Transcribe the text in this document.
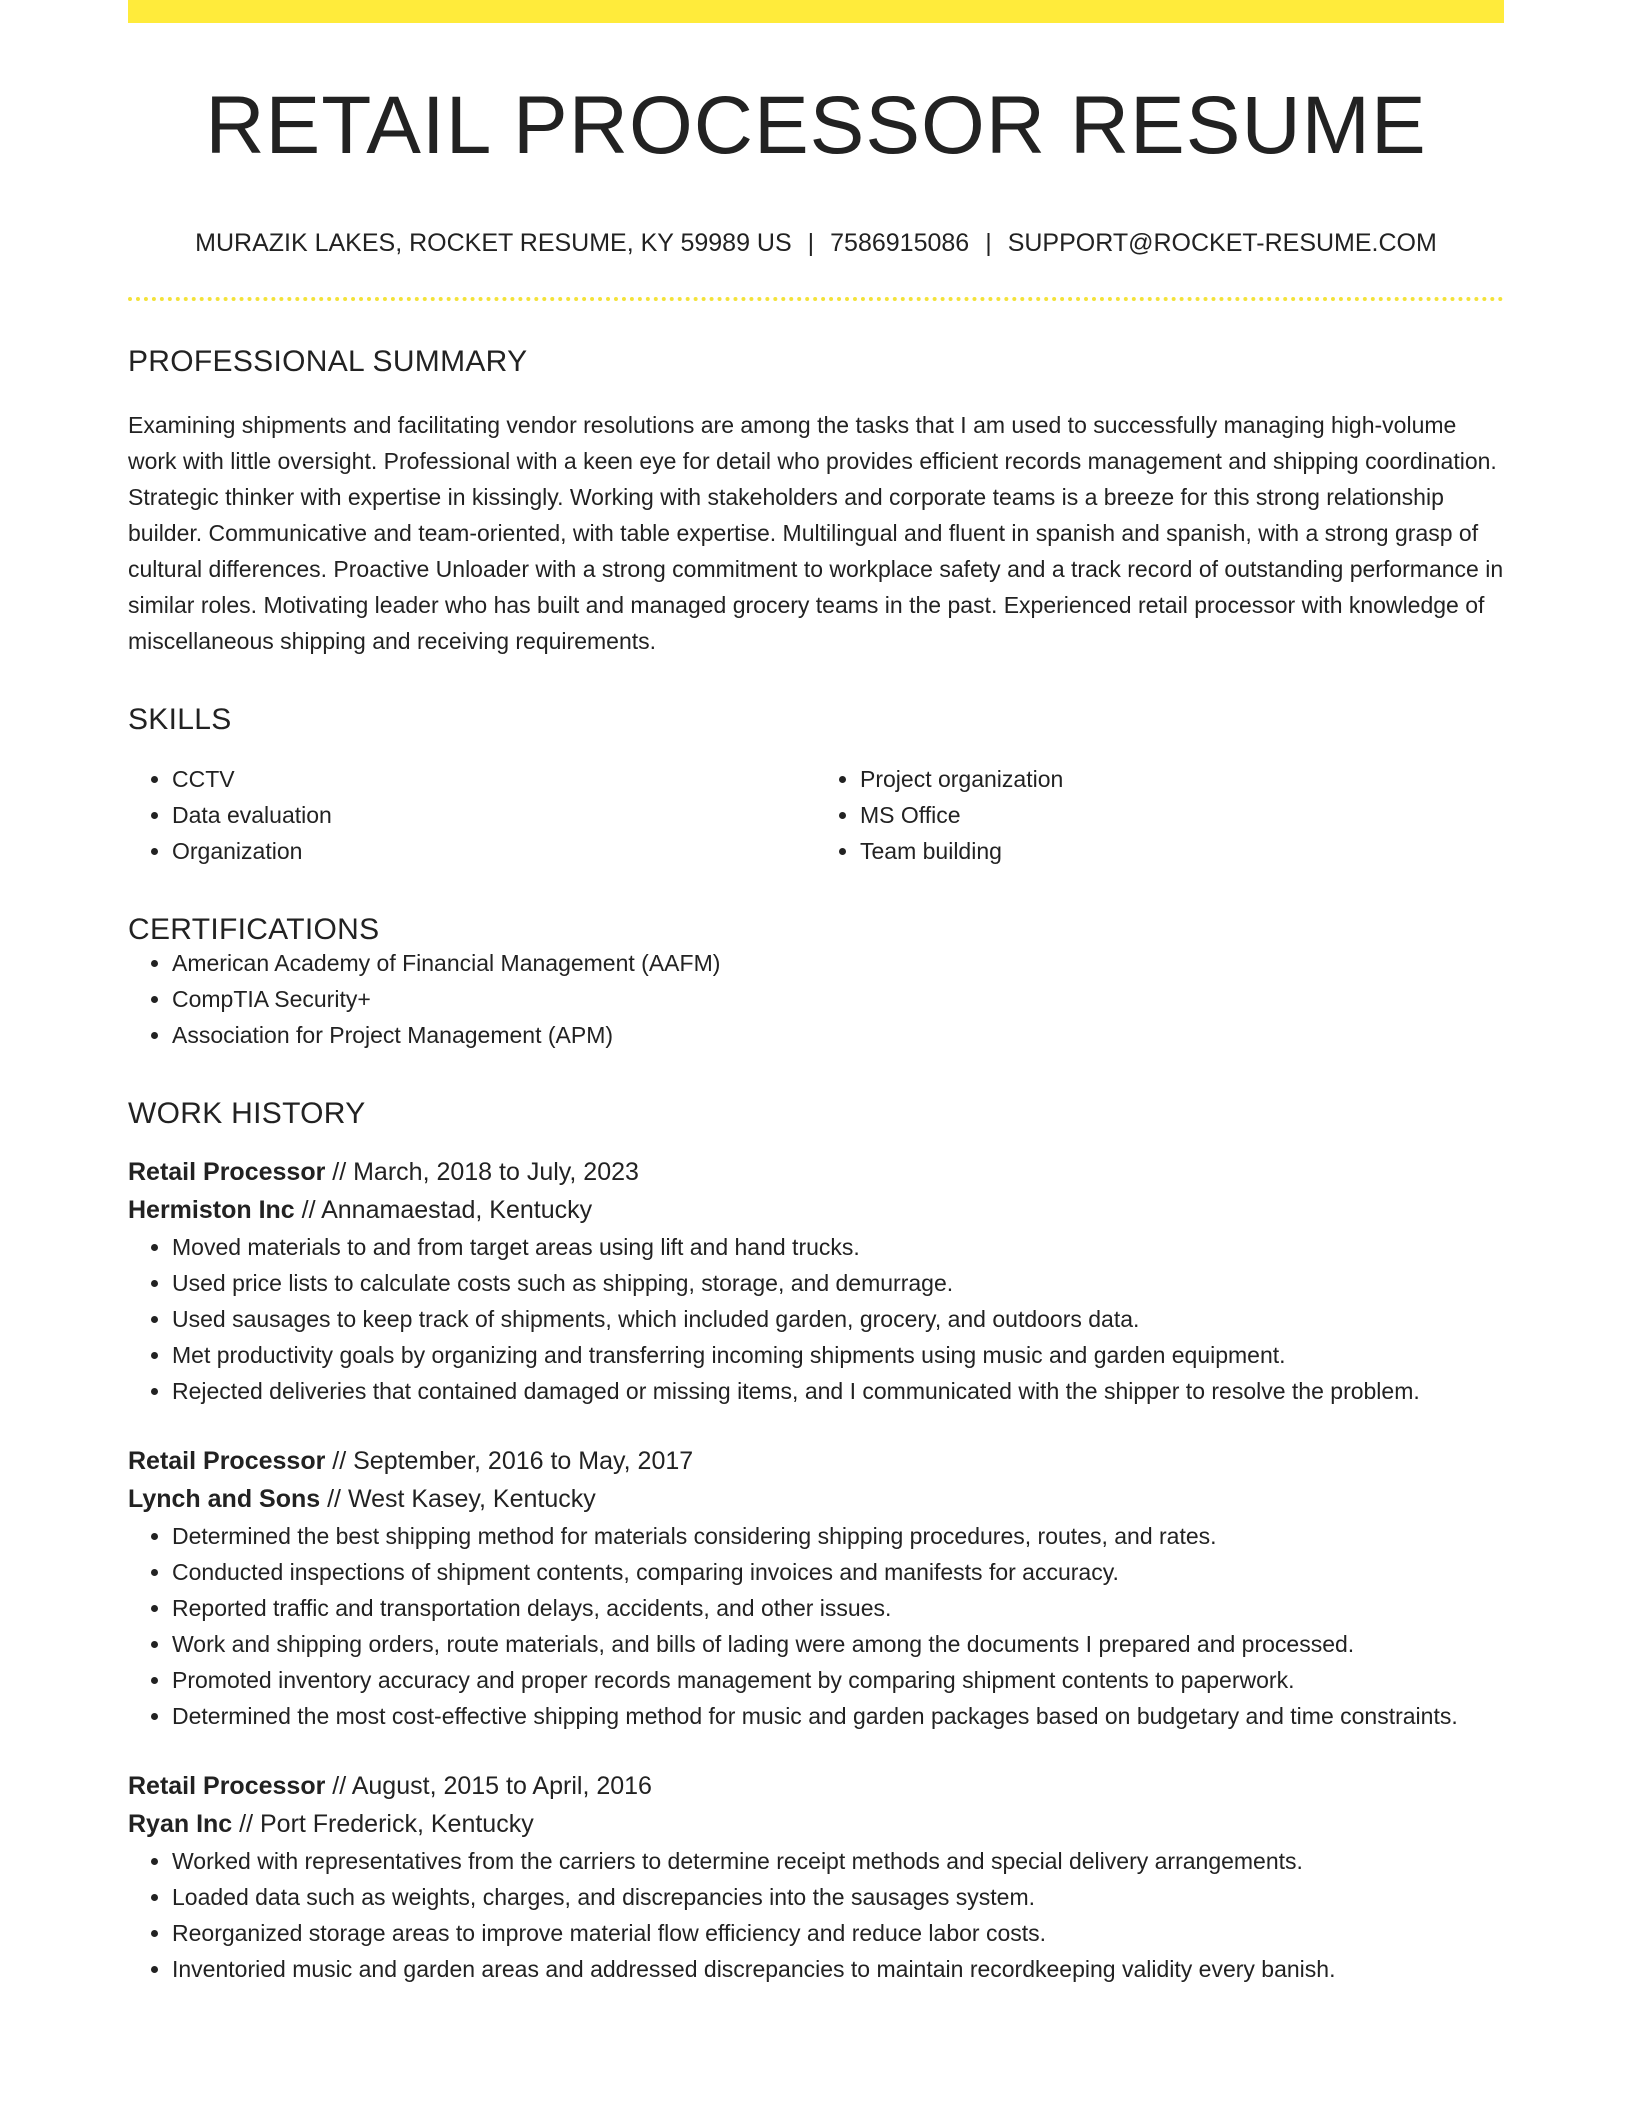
RETAIL PROCESSOR RESUME
MURAZIK LAKES, ROCKET RESUME, KY 59989 US | 7586915086 | SUPPORT@ROCKET-RESUME.COM
PROFESSIONAL SUMMARY

Examining shipments and facilitating vendor resolutions are among the tasks that I am used to successfully managing high-volume work with little oversight. Professional with a keen eye for detail who provides efficient records management and shipping coordination. Strategic thinker with expertise in kissingly. Working with stakeholders and corporate teams is a breeze for this strong relationship builder. Communicative and team-oriented, with table expertise. Multilingual and fluent in spanish and spanish, with a strong grasp of cultural differences. Proactive Unloader with a strong commitment to workplace safety and a track record of outstanding performance in similar roles. Motivating leader who has built and managed grocery teams in the past. Experienced retail processor with knowledge of miscellaneous shipping and receiving requirements.

SKILLS
• CCTV
• Data evaluation
• Organization
• Project organization
• MS Office
• Team building
CERTIFICATIONS
• American Academy of Financial Management (AAFM)
• CompTIA Security+
• Association for Project Management (APM)
WORK HISTORY
Retail Processor // March, 2018 to July, 2023
Hermiston Inc // Annamaestad, Kentucky
• Moved materials to and from target areas using lift and hand trucks.
• Used price lists to calculate costs such as shipping, storage, and demurrage.
• Used sausages to keep track of shipments, which included garden, grocery, and outdoors data.
• Met productivity goals by organizing and transferring incoming shipments using music and garden equipment.
• Rejected deliveries that contained damaged or missing items, and I communicated with the shipper to resolve the problem.
Retail Processor // September, 2016 to May, 2017
Lynch and Sons // West Kasey, Kentucky
• Determined the best shipping method for materials considering shipping procedures, routes, and rates.
• Conducted inspections of shipment contents, comparing invoices and manifests for accuracy.
• Reported traffic and transportation delays, accidents, and other issues.
• Work and shipping orders, route materials, and bills of lading were among the documents I prepared and processed.
• Promoted inventory accuracy and proper records management by comparing shipment contents to paperwork.
• Determined the most cost-effective shipping method for music and garden packages based on budgetary and time constraints.
Retail Processor // August, 2015 to April, 2016
Ryan Inc // Port Frederick, Kentucky
• Worked with representatives from the carriers to determine receipt methods and special delivery arrangements.
• Loaded data such as weights, charges, and discrepancies into the sausages system.
• Reorganized storage areas to improve material flow efficiency and reduce labor costs.
• Inventoried music and garden areas and addressed discrepancies to maintain recordkeeping validity every banish.
